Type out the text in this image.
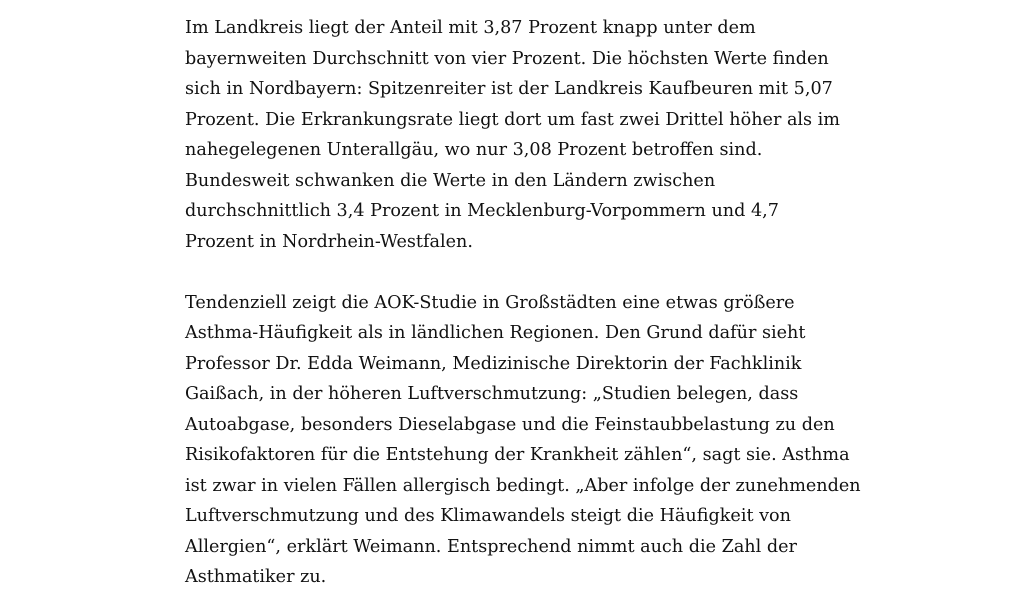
Im Landkreis liegt der Anteil mit 3,87 Prozent knapp unter dem
bayernweiten Durchschnitt von vier Prozent. Die höchsten Werte finden
sich in Nordbayern: Spitzenreiter ist der Landkreis Kaufbeuren mit 5,07
Prozent. Die Erkrankungsrate liegt dort um fast zwei Drittel höher als im
nahegelegenen Unterallgäu, wo nur 3,08 Prozent betroffen sind.
Bundesweit schwanken die Werte in den Ländern zwischen
durchschnittlich 3,4 Prozent in Mecklenburg-Vorpommern und 4,7
Prozent in Nordrhein-Westfalen.

Tendenziell zeigt die AOK-Studie in Großstädten eine etwas größere
Asthma-Häufigkeit als in ländlichen Regionen. Den Grund dafür sieht
Professor Dr. Edda Weimann, Medizinische Direktorin der Fachklinik
Gaißach, in der höheren Luftverschmutzung: „Studien belegen, dass
Autoabgase, besonders Dieselabgase und die Feinstaubbelastung zu den
Risikofaktoren für die Entstehung der Krankheit zählen“, sagt sie. Asthma
ist zwar in vielen Fällen allergisch bedingt. „Aber infolge der zunehmenden
Luftverschmutzung und des Klimawandels steigt die Häufigkeit von
Allergien“, erklärt Weimann. Entsprechend nimmt auch die Zahl der
Asthmatiker zu.
